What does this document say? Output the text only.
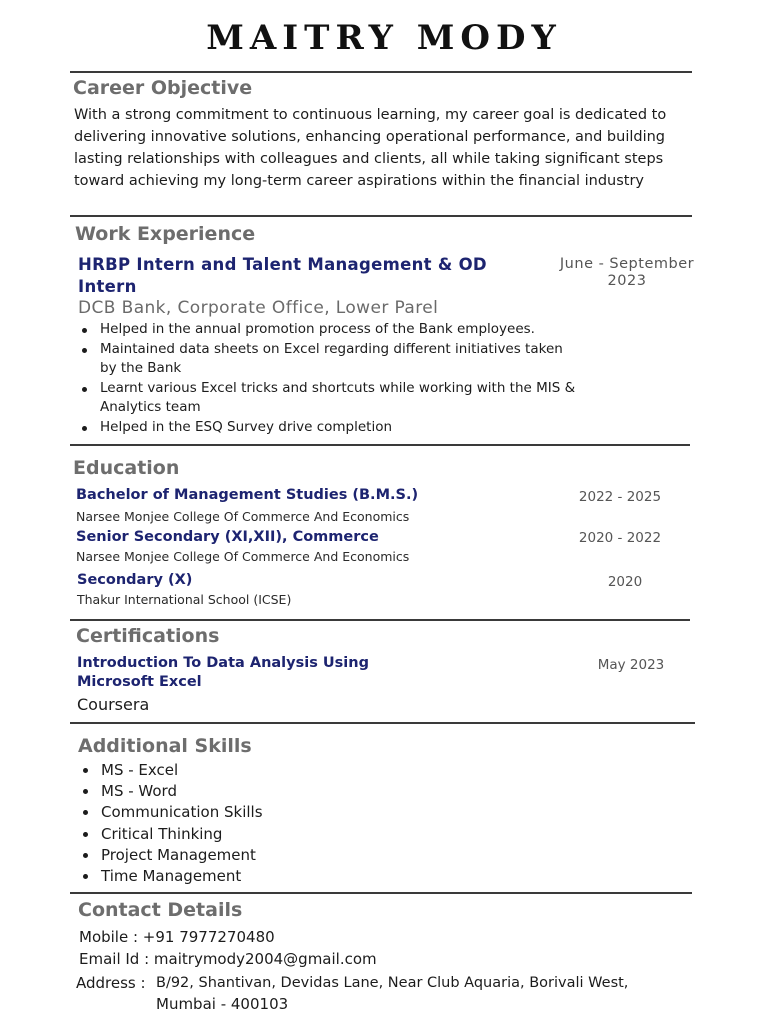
MAITRY MODY
Career Objective
With a strong commitment to continuous learning, my career goal is dedicated to delivering innovative solutions, enhancing operational performance, and building lasting relationships with colleagues and clients, all while taking significant steps toward achieving my long-term career aspirations within the financial industry
Work Experience
HRBP Intern and Talent Management & OD Intern
June - September 2023
DCB Bank, Corporate Office, Lower Parel
Helped in the annual promotion process of the Bank employees.
Maintained data sheets on Excel regarding different initiatives taken by the Bank
Learnt various Excel tricks and shortcuts while working with the MIS & Analytics team
Helped in the ESQ Survey drive completion
Education
Bachelor of Management Studies (B.M.S.)
Narsee Monjee College Of Commerce And Economics
2022 - 2025
Senior Secondary (XI,XII), Commerce
Narsee Monjee College Of Commerce And Economics
2020 - 2022
Secondary (X)
Thakur International School (ICSE)
2020
Certifications
Introduction To Data Analysis Using Microsoft Excel
Coursera
May 2023
Additional Skills
MS - Excel
MS - Word
Communication Skills
Critical Thinking
Project Management
Time Management
Contact Details
Mobile : +91 7977270480
Email Id : maitrymody2004@gmail.com
Address : B/92, Shantivan, Devidas Lane, Near Club Aquaria, Borivali West,
Mumbai - 400103
